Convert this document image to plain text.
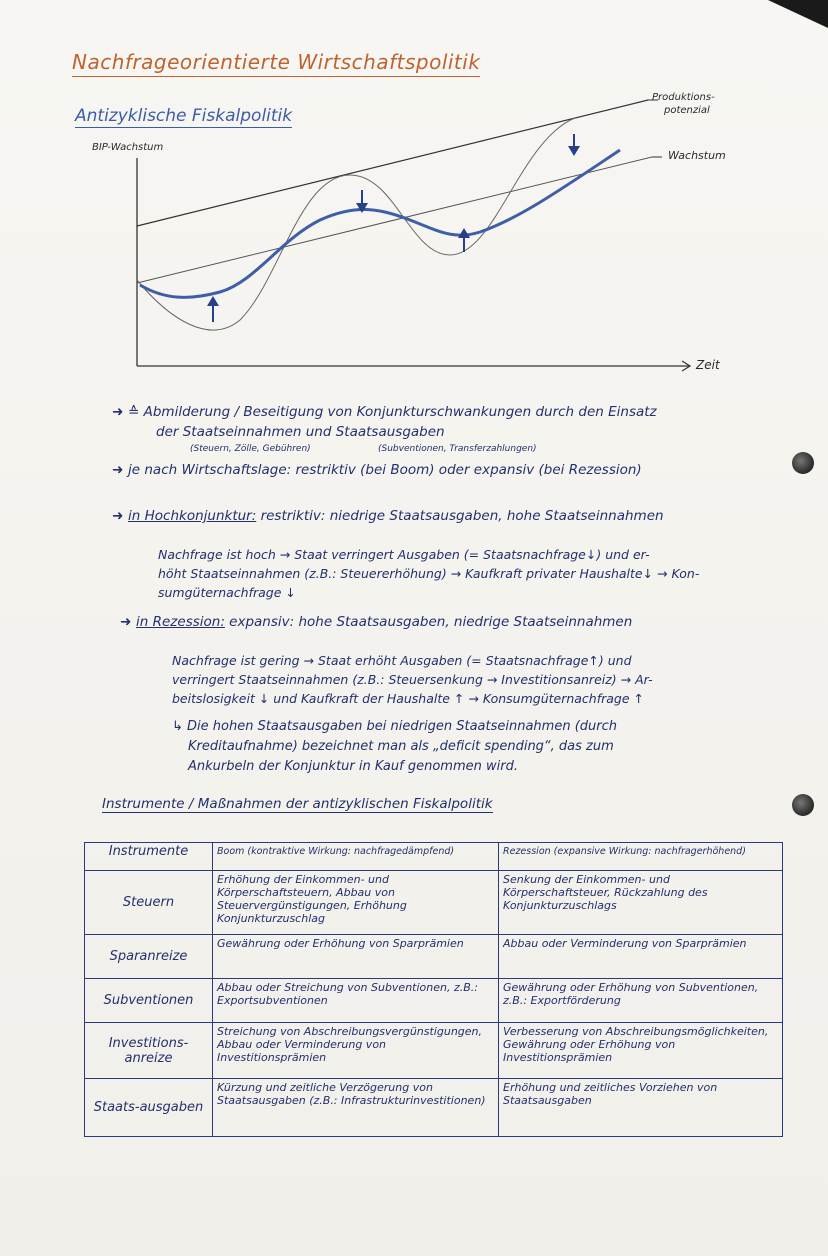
Nachfrageorientierte Wirtschaftspolitik
Antizyklische Fiskalpolitik
BIP-Wachstum
Zeit
Produktions-
potenzial
Wachstum
➜ ≙ Abmilderung / Beseitigung von Konjunkturschwankungen durch den Einsatz
der Staatseinnahmen und Staatsausgaben
(Steuern, Zölle, Gebühren)	(Subventionen, Transferzahlungen)
➜ je nach Wirtschaftslage: restriktiv (bei Boom) oder expansiv (bei Rezession)
➜ in Hochkonjunktur: restriktiv: niedrige Staatsausgaben, hohe Staatseinnahmen
Nachfrage ist hoch → Staat verringert Ausgaben (= Staatsnachfrage↓) und er-
höht Staatseinnahmen (z.B.: Steuererhöhung) → Kaufkraft privater Haushalte↓ → Kon-
sumgüternachfrage ↓
➜ in Rezession: expansiv: hohe Staatsausgaben, niedrige Staatseinnahmen
Nachfrage ist gering → Staat erhöht Ausgaben (= Staatsnachfrage↑) und
verringert Staatseinnahmen (z.B.: Steuersenkung → Investitionsanreiz) → Ar-
beitslosigkeit ↓ und Kaufkraft der Haushalte ↑ → Konsumgüternachfrage ↑
↳ Die hohen Staatsausgaben bei niedrigen Staatseinnahmen (durch
Kreditaufnahme) bezeichnet man als „deficit spending“, das zum
Ankurbeln der Konjunktur in Kauf genommen wird.
Instrumente / Maßnahmen der antizyklischen Fiskalpolitik
Instrumente	Boom (kontraktive Wirkung: nachfragedämpfend)	Rezession (expansive Wirkung: nachfragerhöhend)
Steuern	Erhöhung der Einkommen- und Körperschaftsteuern, Abbau von Steuervergünstigungen, Erhöhung Konjunkturzuschlag	Senkung der Einkommen- und Körperschaftsteuer, Rückzahlung des Konjunkturzuschlags
Sparanreize	Gewährung oder Erhöhung von Sparprämien	Abbau oder Verminderung von Sparprämien
Subventionen	Abbau oder Streichung von Subventionen, z.B.: Exportsubventionen	Gewährung oder Erhöhung von Subventionen, z.B.: Exportförderung
Investitions-anreize	Streichung von Abschreibungsvergünstigungen, Abbau oder Verminderung von Investitionsprämien	Verbesserung von Abschreibungsmöglichkeiten, Gewährung oder Erhöhung von Investitionsprämien
Staats-ausgaben	Kürzung und zeitliche Verzögerung von Staatsausgaben (z.B.: Infrastrukturinvestitionen)	Erhöhung und zeitliches Vorziehen von Staatsausgaben
